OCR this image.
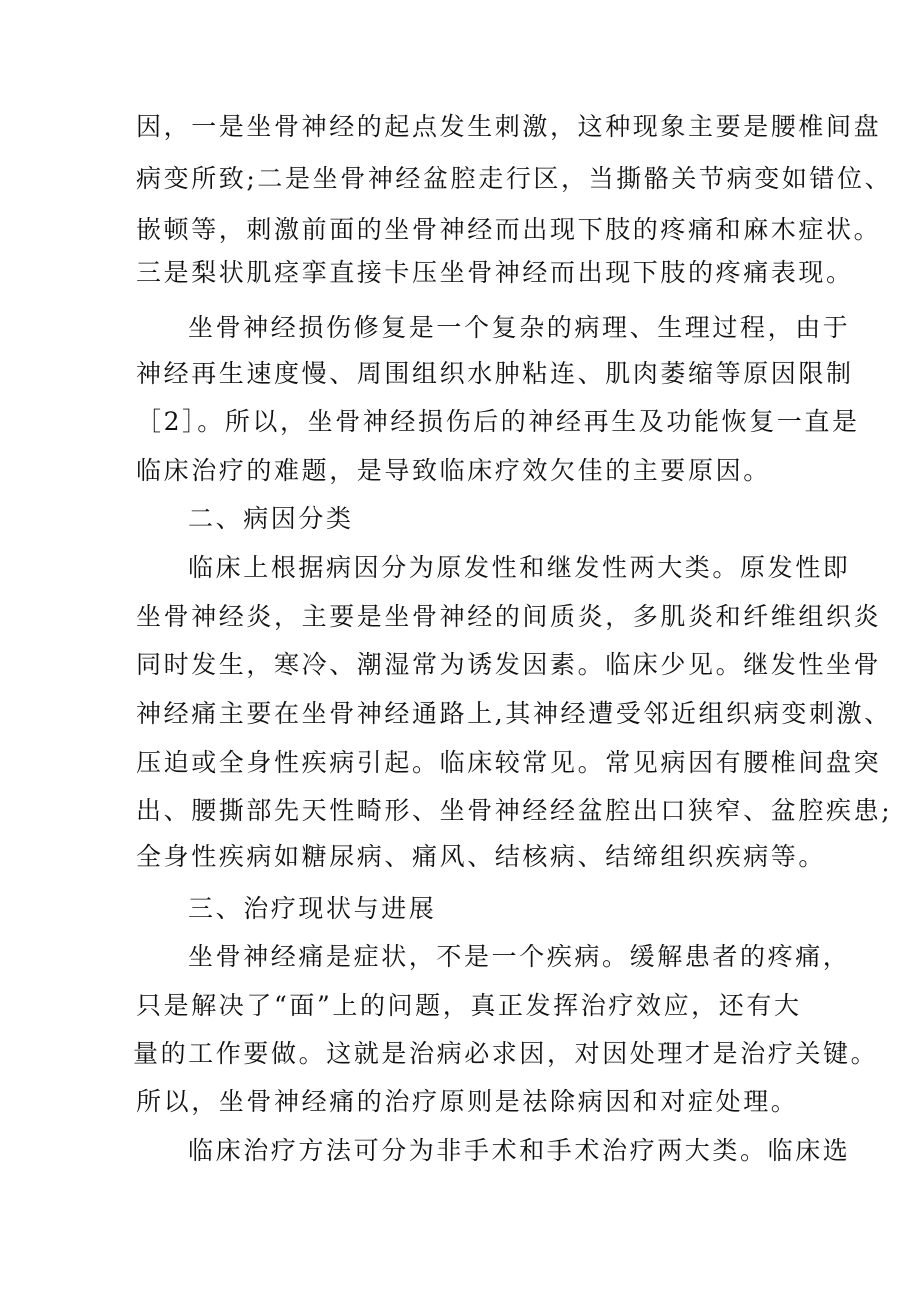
因，一是坐骨神经的起点发生刺激，这种现象主要是腰椎间盘
病变所致;二是坐骨神经盆腔走行区，当撕骼关节病变如错位、
嵌顿等，刺激前面的坐骨神经而出现下肢的疼痛和麻木症状。
三是梨状肌痉挛直接卡压坐骨神经而出现下肢的疼痛表现。
坐骨神经损伤修复是一个复杂的病理、生理过程，由于
神经再生速度慢、周围组织水肿粘连、肌肉萎缩等原因限制
［2］。所以，坐骨神经损伤后的神经再生及功能恢复一直是
临床治疗的难题，是导致临床疗效欠佳的主要原因。
二、病因分类
临床上根据病因分为原发性和继发性两大类。原发性即
坐骨神经炎，主要是坐骨神经的间质炎，多肌炎和纤维组织炎
同时发生，寒冷、潮湿常为诱发因素。临床少见。继发性坐骨
神经痛主要在坐骨神经通路上,其神经遭受邻近组织病变刺激、
压迫或全身性疾病引起。临床较常见。常见病因有腰椎间盘突
出、腰撕部先天性畸形、坐骨神经经盆腔出口狭窄、盆腔疾患;
全身性疾病如糖尿病、痛风、结核病、结缔组织疾病等。
三、治疗现状与进展
坐骨神经痛是症状，不是一个疾病。缓解患者的疼痛，
只是解决了“面”上的问题，真正发挥治疗效应，还有大
量的工作要做。这就是治病必求因，对因处理才是治疗关键。
所以，坐骨神经痛的治疗原则是祛除病因和对症处理。
临床治疗方法可分为非手术和手术治疗两大类。临床选
